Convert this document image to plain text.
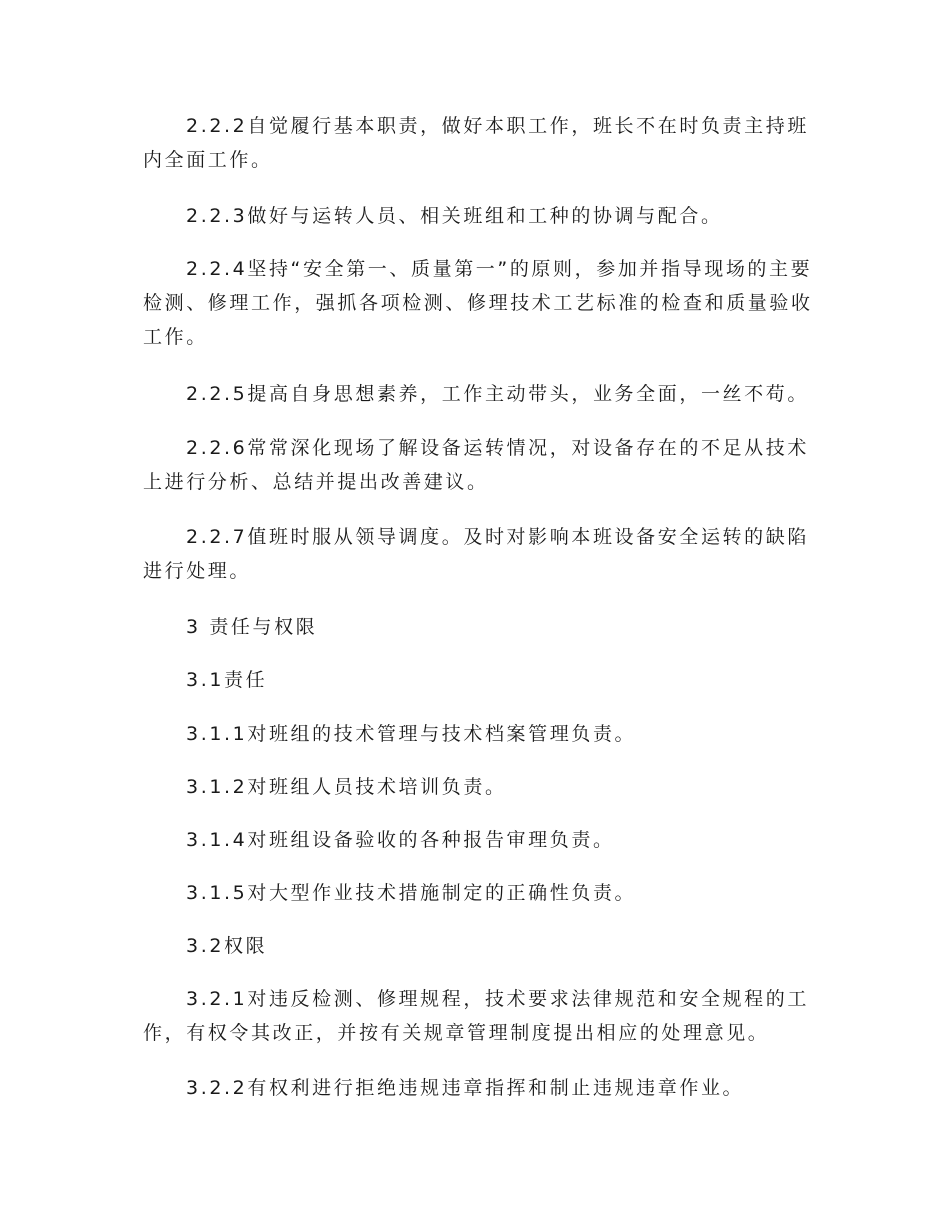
2.2.2自觉履行基本职责，做好本职工作，班长不在时负责主持班内全面工作。

2.2.3做好与运转人员、相关班组和工种的协调与配合。

2.2.4坚持“安全第一、质量第一”的原则，参加并指导现场的主要检测、修理工作，强抓各项检测、修理技术工艺标准的检查和质量验收工作。

2.2.5提高自身思想素养，工作主动带头，业务全面，一丝不苟。

2.2.6常常深化现场了解设备运转情况，对设备存在的不足从技术上进行分析、总结并提出改善建议。

2.2.7值班时服从领导调度。及时对影响本班设备安全运转的缺陷进行处理。

3 责任与权限

3.1责任

3.1.1对班组的技术管理与技术档案管理负责。

3.1.2对班组人员技术培训负责。

3.1.4对班组设备验收的各种报告审理负责。

3.1.5对大型作业技术措施制定的正确性负责。

3.2权限

3.2.1对违反检测、修理规程，技术要求法律规范和安全规程的工作，有权令其改正，并按有关规章管理制度提出相应的处理意见。

3.2.2有权利进行拒绝违规违章指挥和制止违规违章作业。
